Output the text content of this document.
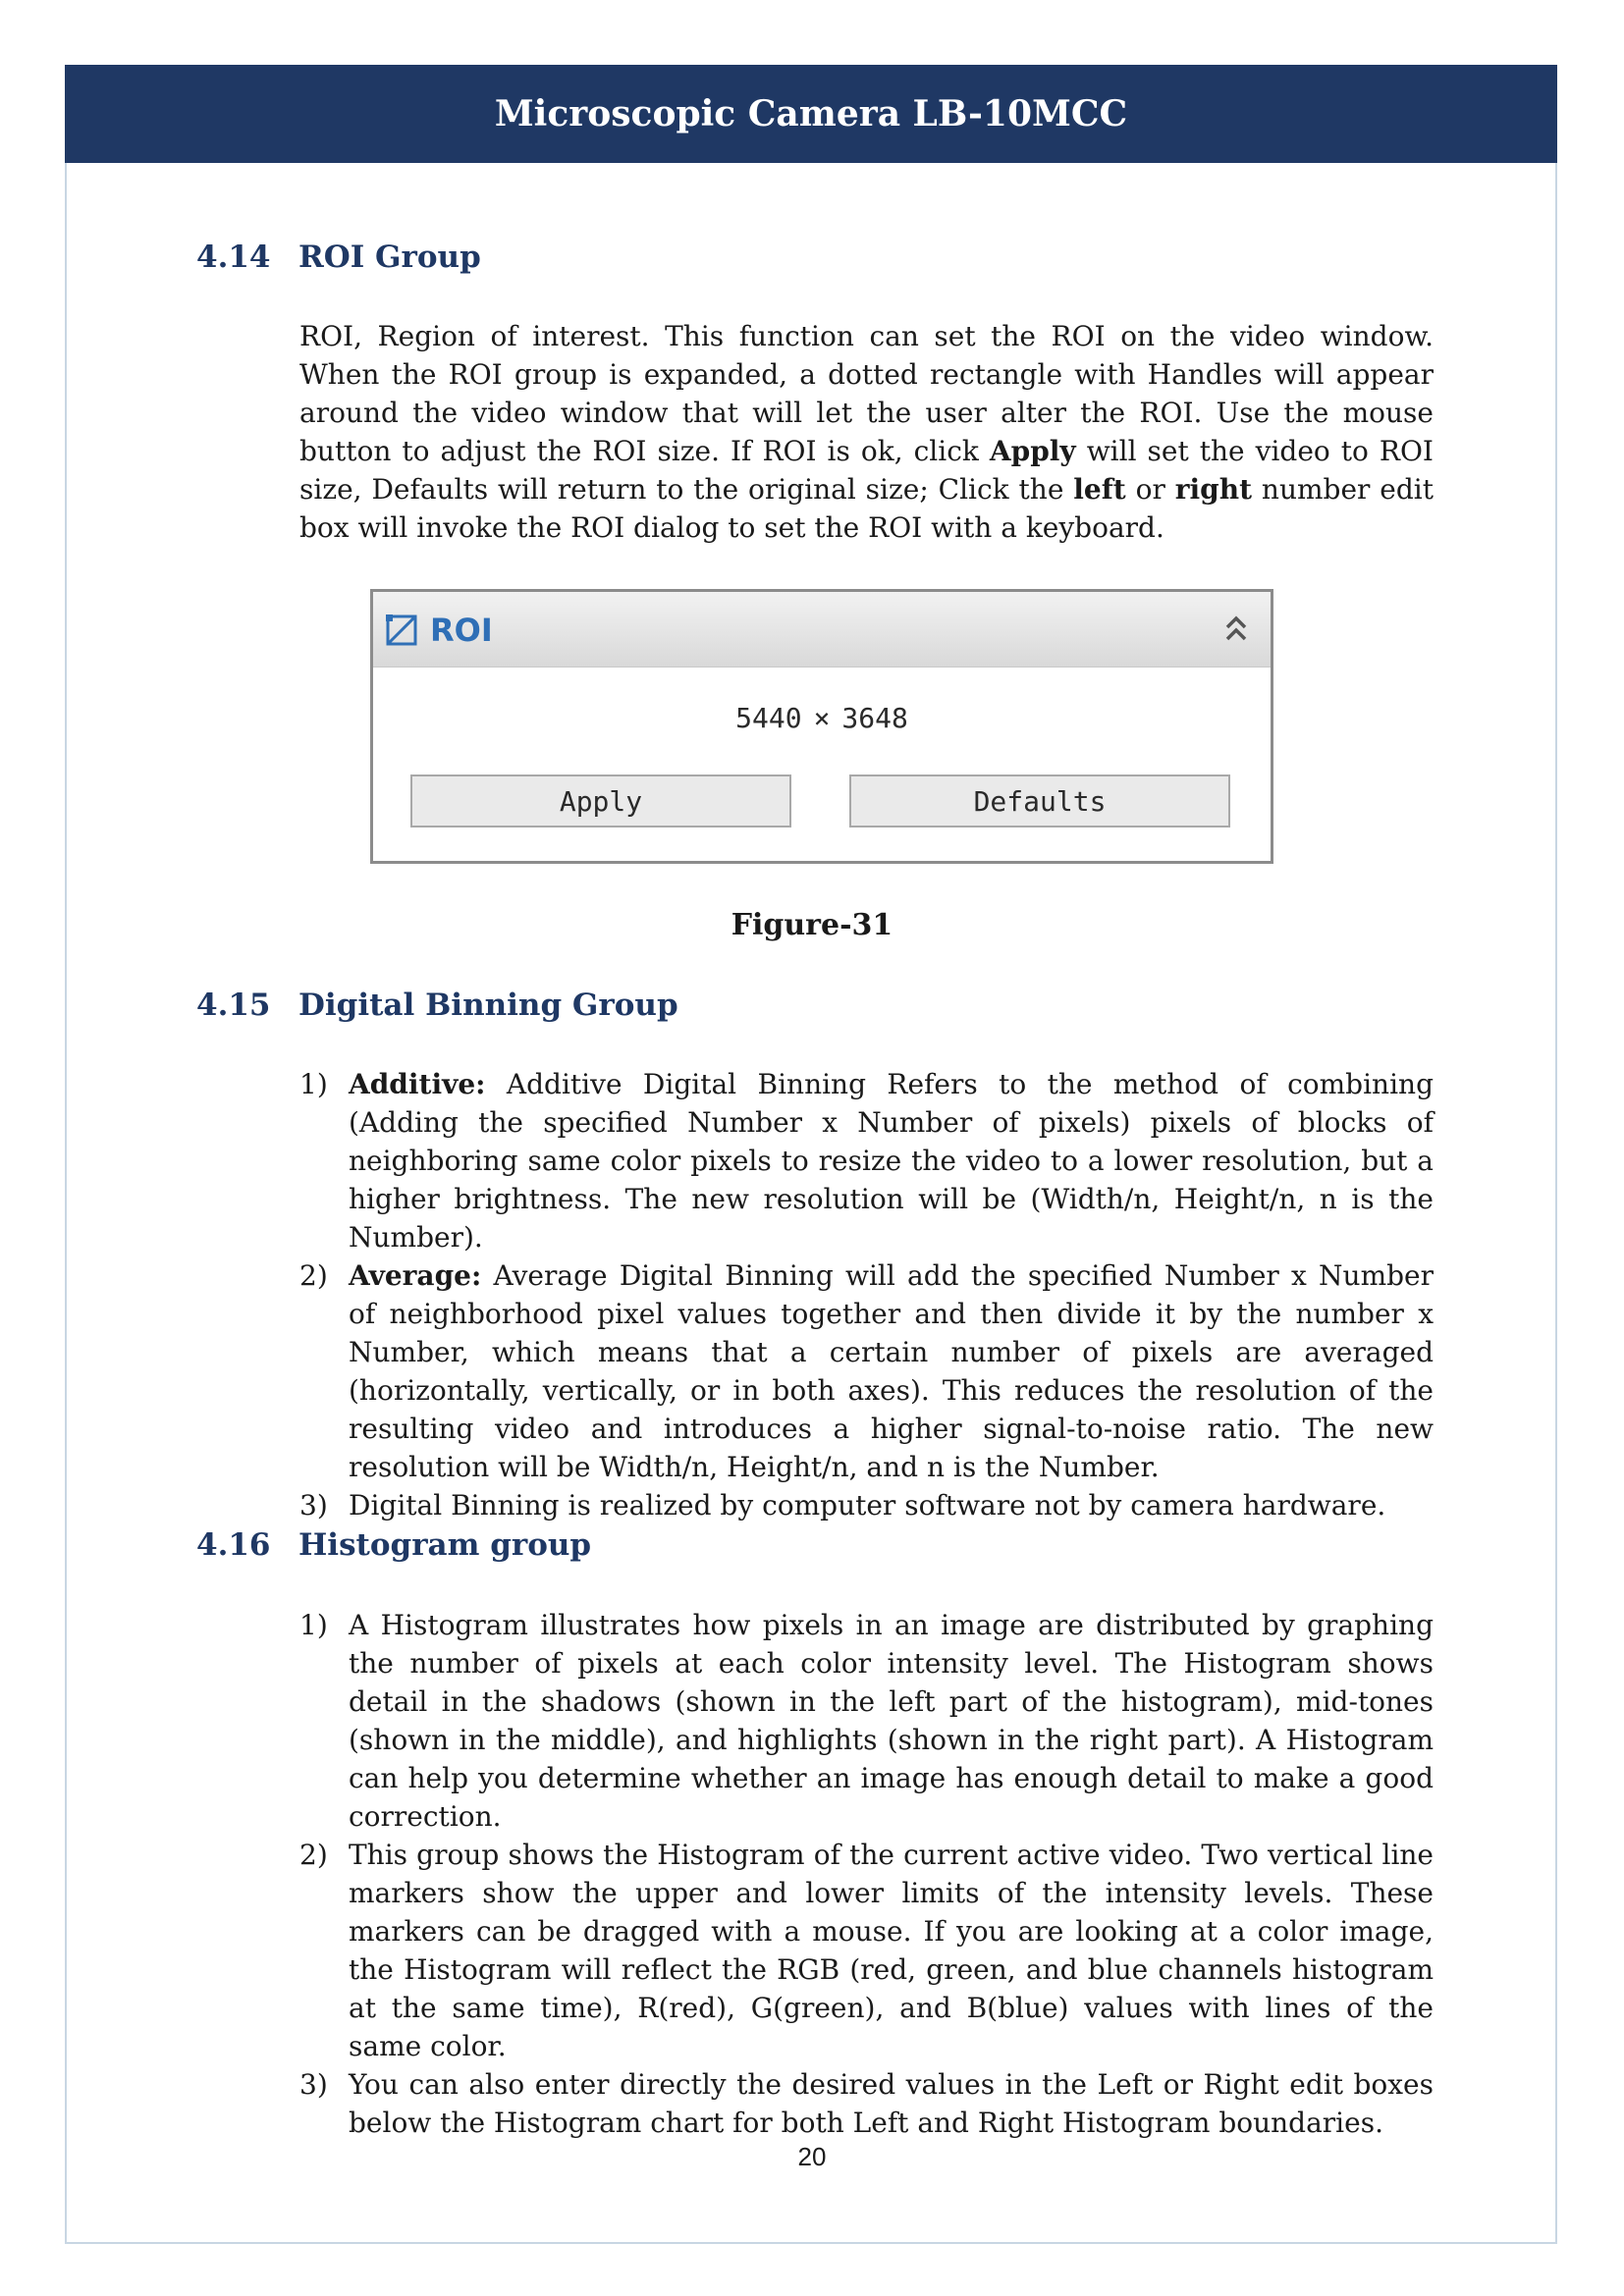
Microscopic Camera LB-10MCC
4.14 ROI Group

ROI, Region of interest. This function can set the ROI on the video window. When the ROI group is expanded, a dotted rectangle with Handles will appear around the video window that will let the user alter the ROI. Use the mouse button to adjust the ROI size. If ROI is ok, click Apply will set the video to ROI size, Defaults will return to the original size; Click the left or right number edit box will invoke the ROI dialog to set the ROI with a keyboard.

ROI
5440 × 3648
Apply	Defaults
Figure-31
4.15 Digital Binning Group
1) Additive: Additive Digital Binning Refers to the method of combining (Adding the specified Number x Number of pixels) pixels of blocks of neighboring same color pixels to resize the video to a lower resolution, but a higher brightness. The new resolution will be (Width/n, Height/n, n is the Number).
2) Average: Average Digital Binning will add the specified Number x Number of neighborhood pixel values together and then divide it by the number x Number, which means that a certain number of pixels are averaged (horizontally, vertically, or in both axes). This reduces the resolution of the resulting video and introduces a higher signal-to-noise ratio. The new resolution will be Width/n, Height/n, and n is the Number.
3) Digital Binning is realized by computer software not by camera hardware.
4.16 Histogram group
1) A Histogram illustrates how pixels in an image are distributed by graphing the number of pixels at each color intensity level. The Histogram shows detail in the shadows (shown in the left part of the histogram), mid-tones (shown in the middle), and highlights (shown in the right part). A Histogram can help you determine whether an image has enough detail to make a good correction.
2) This group shows the Histogram of the current active video. Two vertical line markers show the upper and lower limits of the intensity levels. These markers can be dragged with a mouse. If you are looking at a color image, the Histogram will reflect the RGB (red, green, and blue channels histogram at the same time), R(red), G(green), and B(blue) values with lines of the same color.
3) You can also enter directly the desired values in the Left or Right edit boxes below the Histogram chart for both Left and Right Histogram boundaries.
20
